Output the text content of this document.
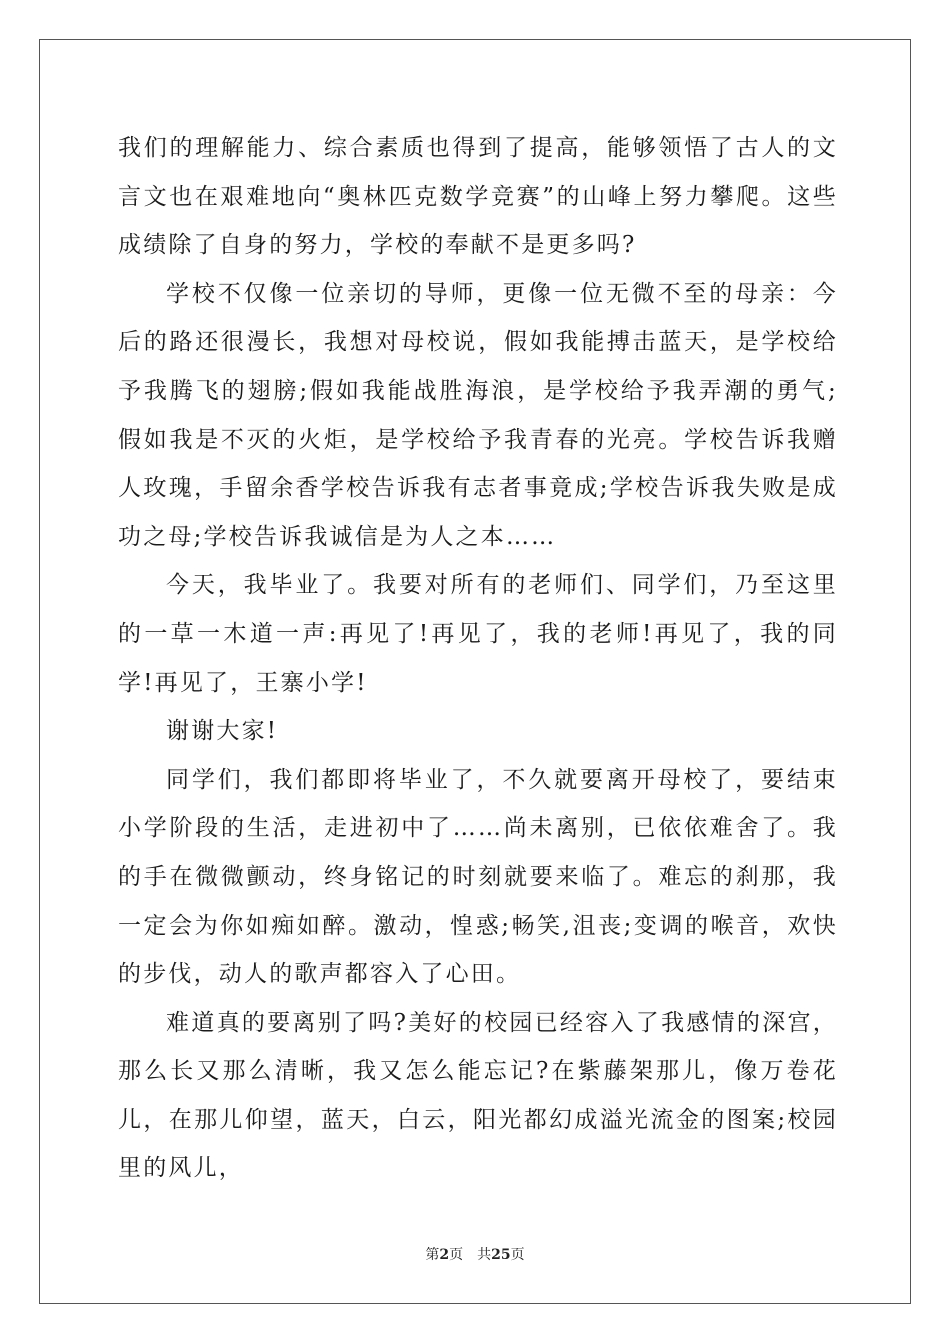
我们的理解能力、综合素质也得到了提高，能够领悟了古人的文言文也在艰难地向“奥林匹克数学竞赛”的山峰上努力攀爬。这些成绩除了自身的努力，学校的奉献不是更多吗?

学校不仅像一位亲切的导师，更像一位无微不至的母亲：今后的路还很漫长，我想对母校说，假如我能搏击蓝天，是学校给予我腾飞的翅膀;假如我能战胜海浪，是学校给予我弄潮的勇气;假如我是不灭的火炬，是学校给予我青春的光亮。学校告诉我赠人玫瑰，手留余香学校告诉我有志者事竟成;学校告诉我失败是成功之母;学校告诉我诚信是为人之本……

今天，我毕业了。我要对所有的老师们、同学们，乃至这里的一草一木道一声:再见了!再见了，我的老师!再见了，我的同学!再见了，王寨小学!

谢谢大家!

同学们，我们都即将毕业了，不久就要离开母校了，要结束小学阶段的生活，走进初中了……尚未离别，已依依难舍了。我的手在微微颤动，终身铭记的时刻就要来临了。难忘的刹那，我一定会为你如痴如醉。激动，惶惑;畅笑,沮丧;变调的喉音，欢快的步伐，动人的歌声都容入了心田。

难道真的要离别了吗?美好的校园已经容入了我感情的深宫，那么长又那么清晰，我又怎么能忘记?在紫藤架那儿，像万卷花儿，在那儿仰望，蓝天，白云，阳光都幻成溢光流金的图案;校园里的风儿，

第2页 共25页
